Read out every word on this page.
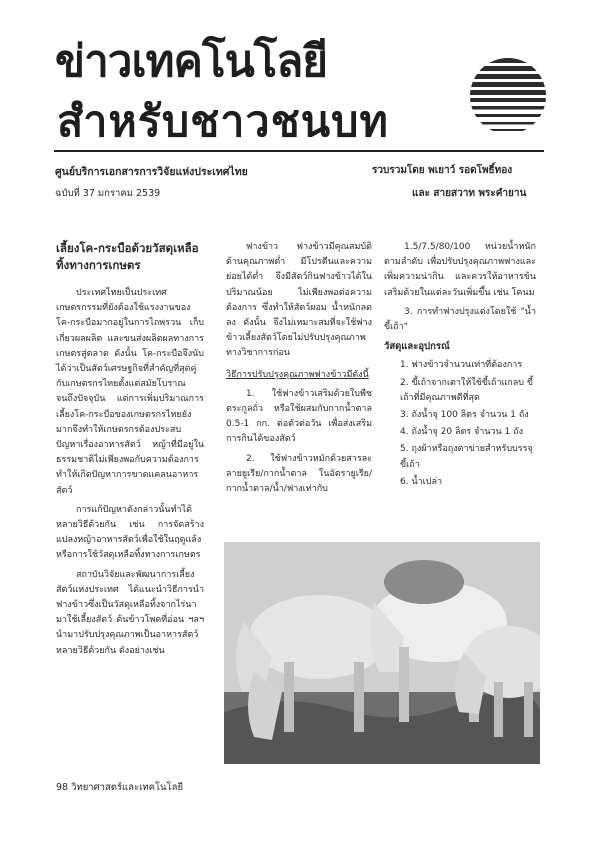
ข่าวเทคโนโลยี
สำหรับชาวชนบท
ศูนย์บริการเอกสารการวิจัยแห่งประเทศไทย
ฉบับที่ 37 มกราคม 2539
รวบรวมโดย พเยาว์ รอดโพธิ์ทอง
และ สายสวาท พระคำยาน

เลี้ยงโค-กระบือด้วยวัสดุเหลือทิ้งทางการเกษตร

ประเทศไทยเป็นประเทศเกษตรกรรมที่ยังต้องใช้แรงงานของโค-กระบือมากอยู่ในการไถพรวน เก็บเกี่ยวผลผลิต และขนส่งผลิตผลทางการเกษตรสู่ตลาด ดังนั้น โค-กระบือจึงนับได้ว่าเป็นสัตว์เศรษฐกิจที่สำคัญที่สุดคู่กับเกษตรกรไทยตั้งแต่สมัยโบราณ จนถึงปัจจุบัน แต่การเพิ่มปริมาณการเลี้ยงโค-กระบือของเกษตรกรไทยยังมากจึงทำให้เกษตรกรต้องประสบปัญหาเรื่องอาหารสัตว์ หญ้าที่มีอยู่ในธรรมชาติไม่เพียงพอกับความต้องการ ทำให้เกิดปัญหาการขาดแคลนอาหารสัตว์

การแก้ปัญหาดังกล่าวนั้นทำได้หลายวิธีด้วยกัน เช่น การจัดสร้างแปลงหญ้าอาหารสัตว์เพื่อใช้ในฤดูแล้ง หรือการใช้วัสดุเหลือทิ้งทางการเกษตร

สถาบันวิจัยและพัฒนาการเลี้ยงสัตว์แห่งประเทศ ได้แนะนำวิธีการนำฟางข้าวซึ่งเป็นวัสดุเหลือทิ้งจากไร่นามาใช้เลี้ยงสัตว์ ต้นข้าวโพดที่อ่อน ฯลฯ นำมาปรับปรุงคุณภาพเป็นอาหารสัตว์หลายวิธีด้วยกัน ดังอย่างเช่น

ฟางข้าว ฟางข้าวมีคุณสมบัติด้านคุณภาพต่ำ มีโปรตีนและความย่อยได้ต่ำ จึงมีสัตว์กินฟางข้าวได้ในปริมาณน้อย ไม่เพียงพอต่อความต้องการ ซึ่งทำให้สัตว์ผอม น้ำหนักลดลง ดังนั้น จึงไม่เหมาะสมที่จะใช้ฟางข้าวเลี้ยงสัตว์โดยไม่ปรับปรุงคุณภาพทางวิชาการก่อน

วิธีการปรับปรุงคุณภาพฟางข้าวมีดังนี้

1. ใช้ฟางข้าวเสริมด้วยใบพืชตระกูลถั่ว หรือใช้ผสมกับกากน้ำตาล 0.5-1 กก. ต่อตัวต่อวัน เพื่อส่งเสริมการกินได้ของสัตว์

2. ใช้ฟางข้าวหมักด้วยสารละลายยูเรีย/กากน้ำตาล ในอัตรายูเรีย/กากน้ำตาล/น้ำ/ฟางเท่ากับ

1.5/7.5/80/100 หน่วยน้ำหนักตามลำดับ เพื่อปรับปรุงคุณภาพฟางและเพิ่มความน่ากิน และควรให้อาหารข้นเสริมด้วยในแต่ละวันเพิ่มขึ้น เช่น โคนม

3. การทำฟางปรุงแต่งโดยใช้ "น้ำขี้เถ้า"

วัสดุและอุปกรณ์

1. ฟางข้าวจำนวนเท่าที่ต้องการ
2. ขี้เถ้าจากเตาให้ใช้ขี้เถ้าแกลบ ขี้เถ้าที่มีคุณภาพดีที่สุด
3. ถังน้ำจุ 100 ลิตร จำนวน 1 ถัง
4. ถังน้ำจุ 20 ลิตร จำนวน 1 ถัง
5. ถุงผ้าหรือถุงตาข่ายสำหรับบรรจุขี้เถ้า
6. น้ำเปล่า
98 วิทยาศาสตร์และเทคโนโลยี
